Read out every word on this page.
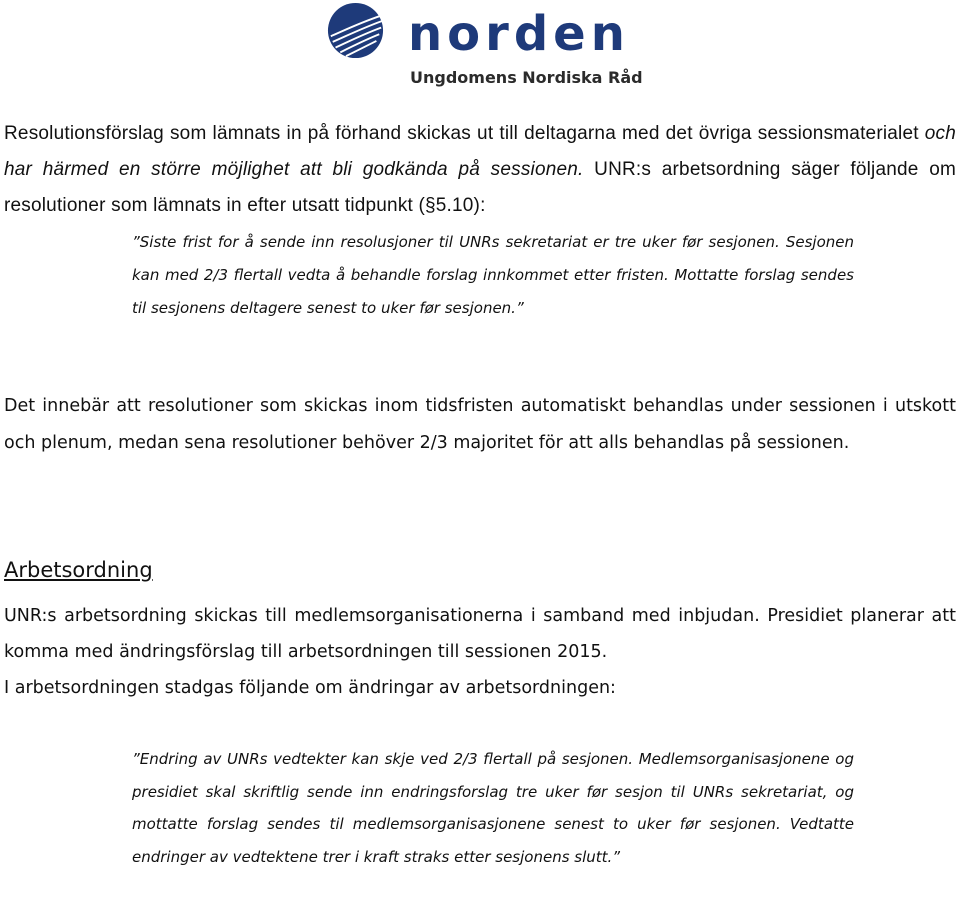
norden
Ungdomens Nordiska Råd

Resolutionsförslag som lämnats in på förhand skickas ut till deltagarna med det övriga sessionsmaterialet och har härmed en större möjlighet att bli godkända på sessionen. UNR:s arbetsordning säger följande om resolutioner som lämnats in efter utsatt tidpunkt (§5.10):

”Siste frist for å sende inn resolusjoner til UNRs sekretariat er tre uker før sesjonen. Sesjonen kan med 2/3 flertall vedta å behandle forslag innkommet etter fristen. Mottatte forslag sendes til sesjonens deltagere senest to uker før sesjonen.”

Det innebär att resolutioner som skickas inom tidsfristen automatiskt behandlas under sessionen i utskott och plenum, medan sena resolutioner behöver 2/3 majoritet för att alls behandlas på sessionen.

Arbetsordning

UNR:s arbetsordning skickas till medlemsorganisationerna i samband med inbjudan. Presidiet planerar att komma med ändringsförslag till arbetsordningen till sessionen 2015.
I arbetsordningen stadgas följande om ändringar av arbetsordningen:

”Endring av UNRs vedtekter kan skje ved 2/3 flertall på sesjonen. Medlemsorganisasjonene og presidiet skal skriftlig sende inn endringsforslag tre uker før sesjon til UNRs sekretariat, og mottatte forslag sendes til medlemsorganisasjonene senest to uker før sesjonen. Vedtatte endringer av vedtektene trer i kraft straks etter sesjonens slutt.”
